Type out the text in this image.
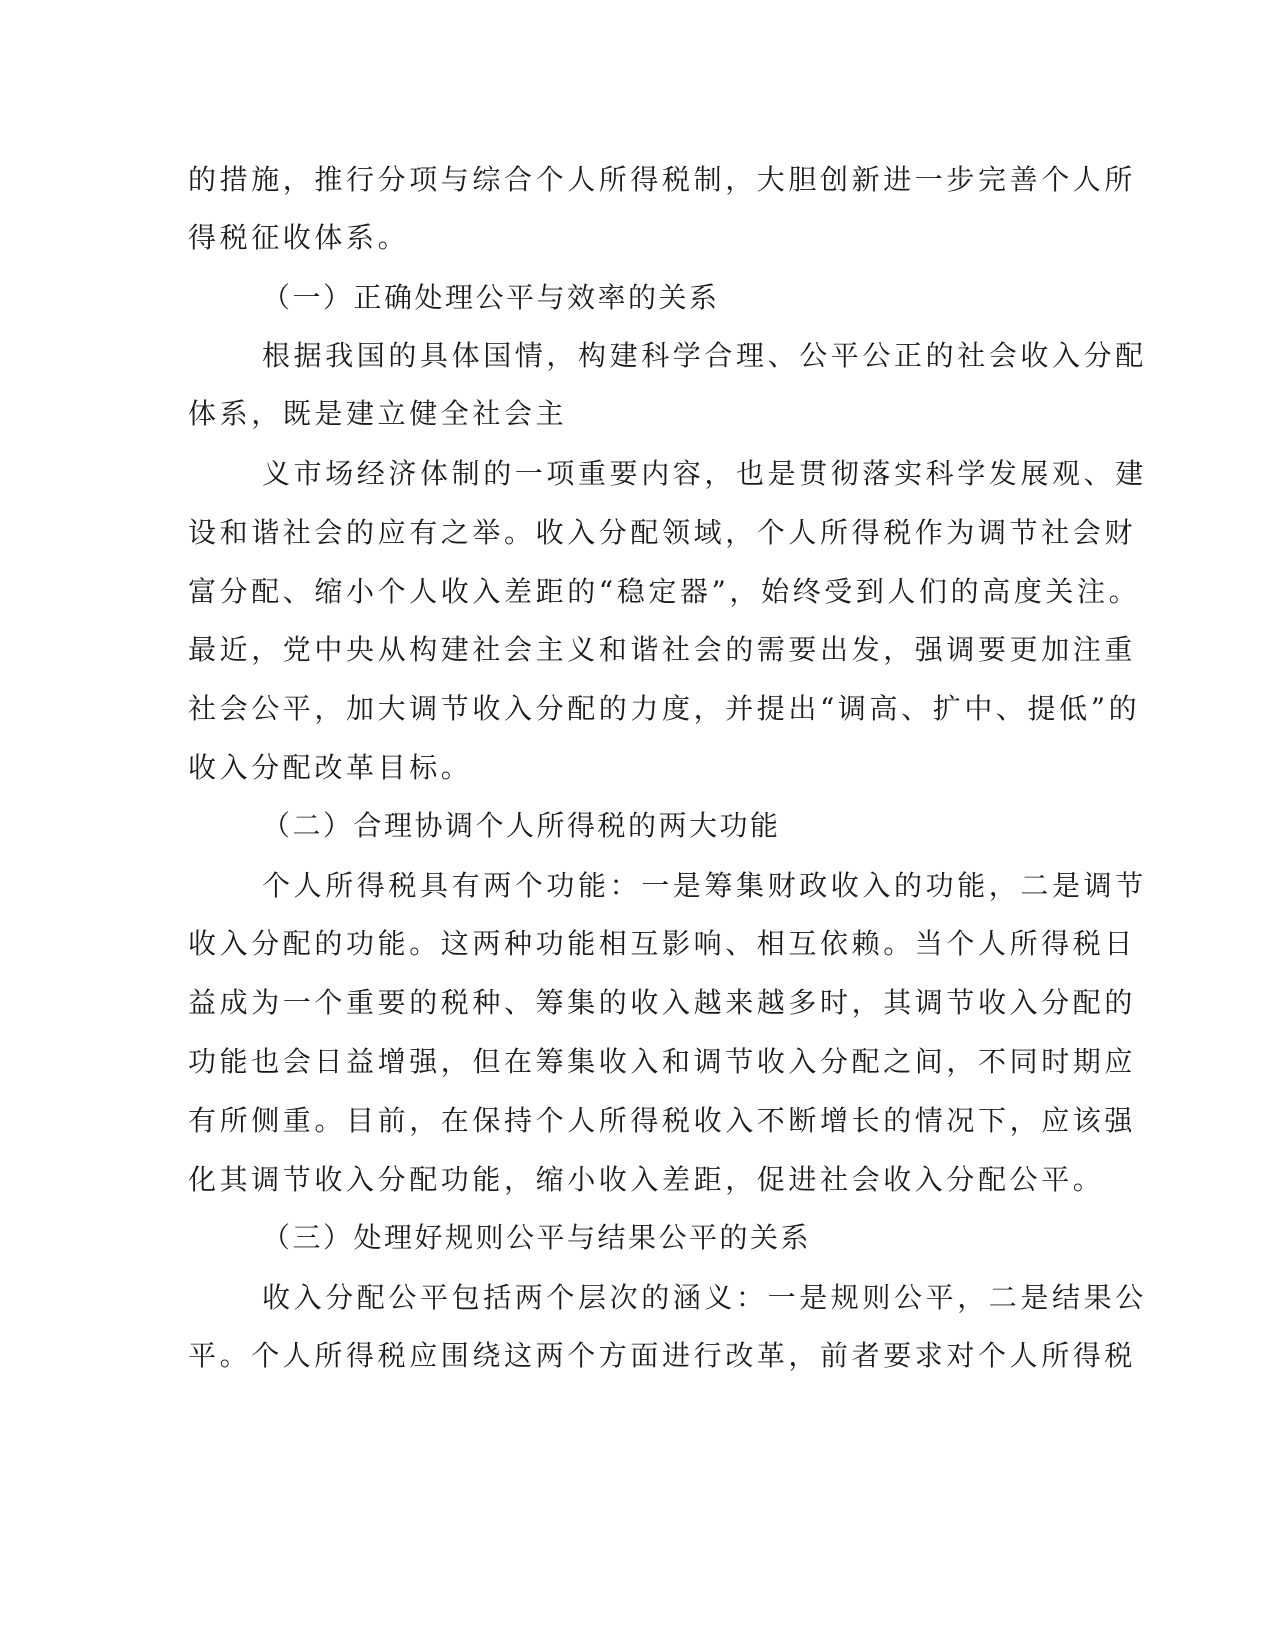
的措施，推行分项与综合个人所得税制，大胆创新进一步完善个人所
得税征收体系。
（一）正确处理公平与效率的关系
根据我国的具体国情，构建科学合理、公平公正的社会收入分配
体系，既是建立健全社会主
义市场经济体制的一项重要内容，也是贯彻落实科学发展观、建
设和谐社会的应有之举。收入分配领域，个人所得税作为调节社会财
富分配、缩小个人收入差距的“稳定器”，始终受到人们的高度关注。
最近，党中央从构建社会主义和谐社会的需要出发，强调要更加注重
社会公平，加大调节收入分配的力度，并提出“调高、扩中、提低”的
收入分配改革目标。
（二）合理协调个人所得税的两大功能
个人所得税具有两个功能：一是筹集财政收入的功能，二是调节
收入分配的功能。这两种功能相互影响、相互依赖。当个人所得税日
益成为一个重要的税种、筹集的收入越来越多时，其调节收入分配的
功能也会日益增强，但在筹集收入和调节收入分配之间，不同时期应
有所侧重。目前，在保持个人所得税收入不断增长的情况下，应该强
化其调节收入分配功能，缩小收入差距，促进社会收入分配公平。
（三）处理好规则公平与结果公平的关系
收入分配公平包括两个层次的涵义：一是规则公平，二是结果公
平。个人所得税应围绕这两个方面进行改革，前者要求对个人所得税
